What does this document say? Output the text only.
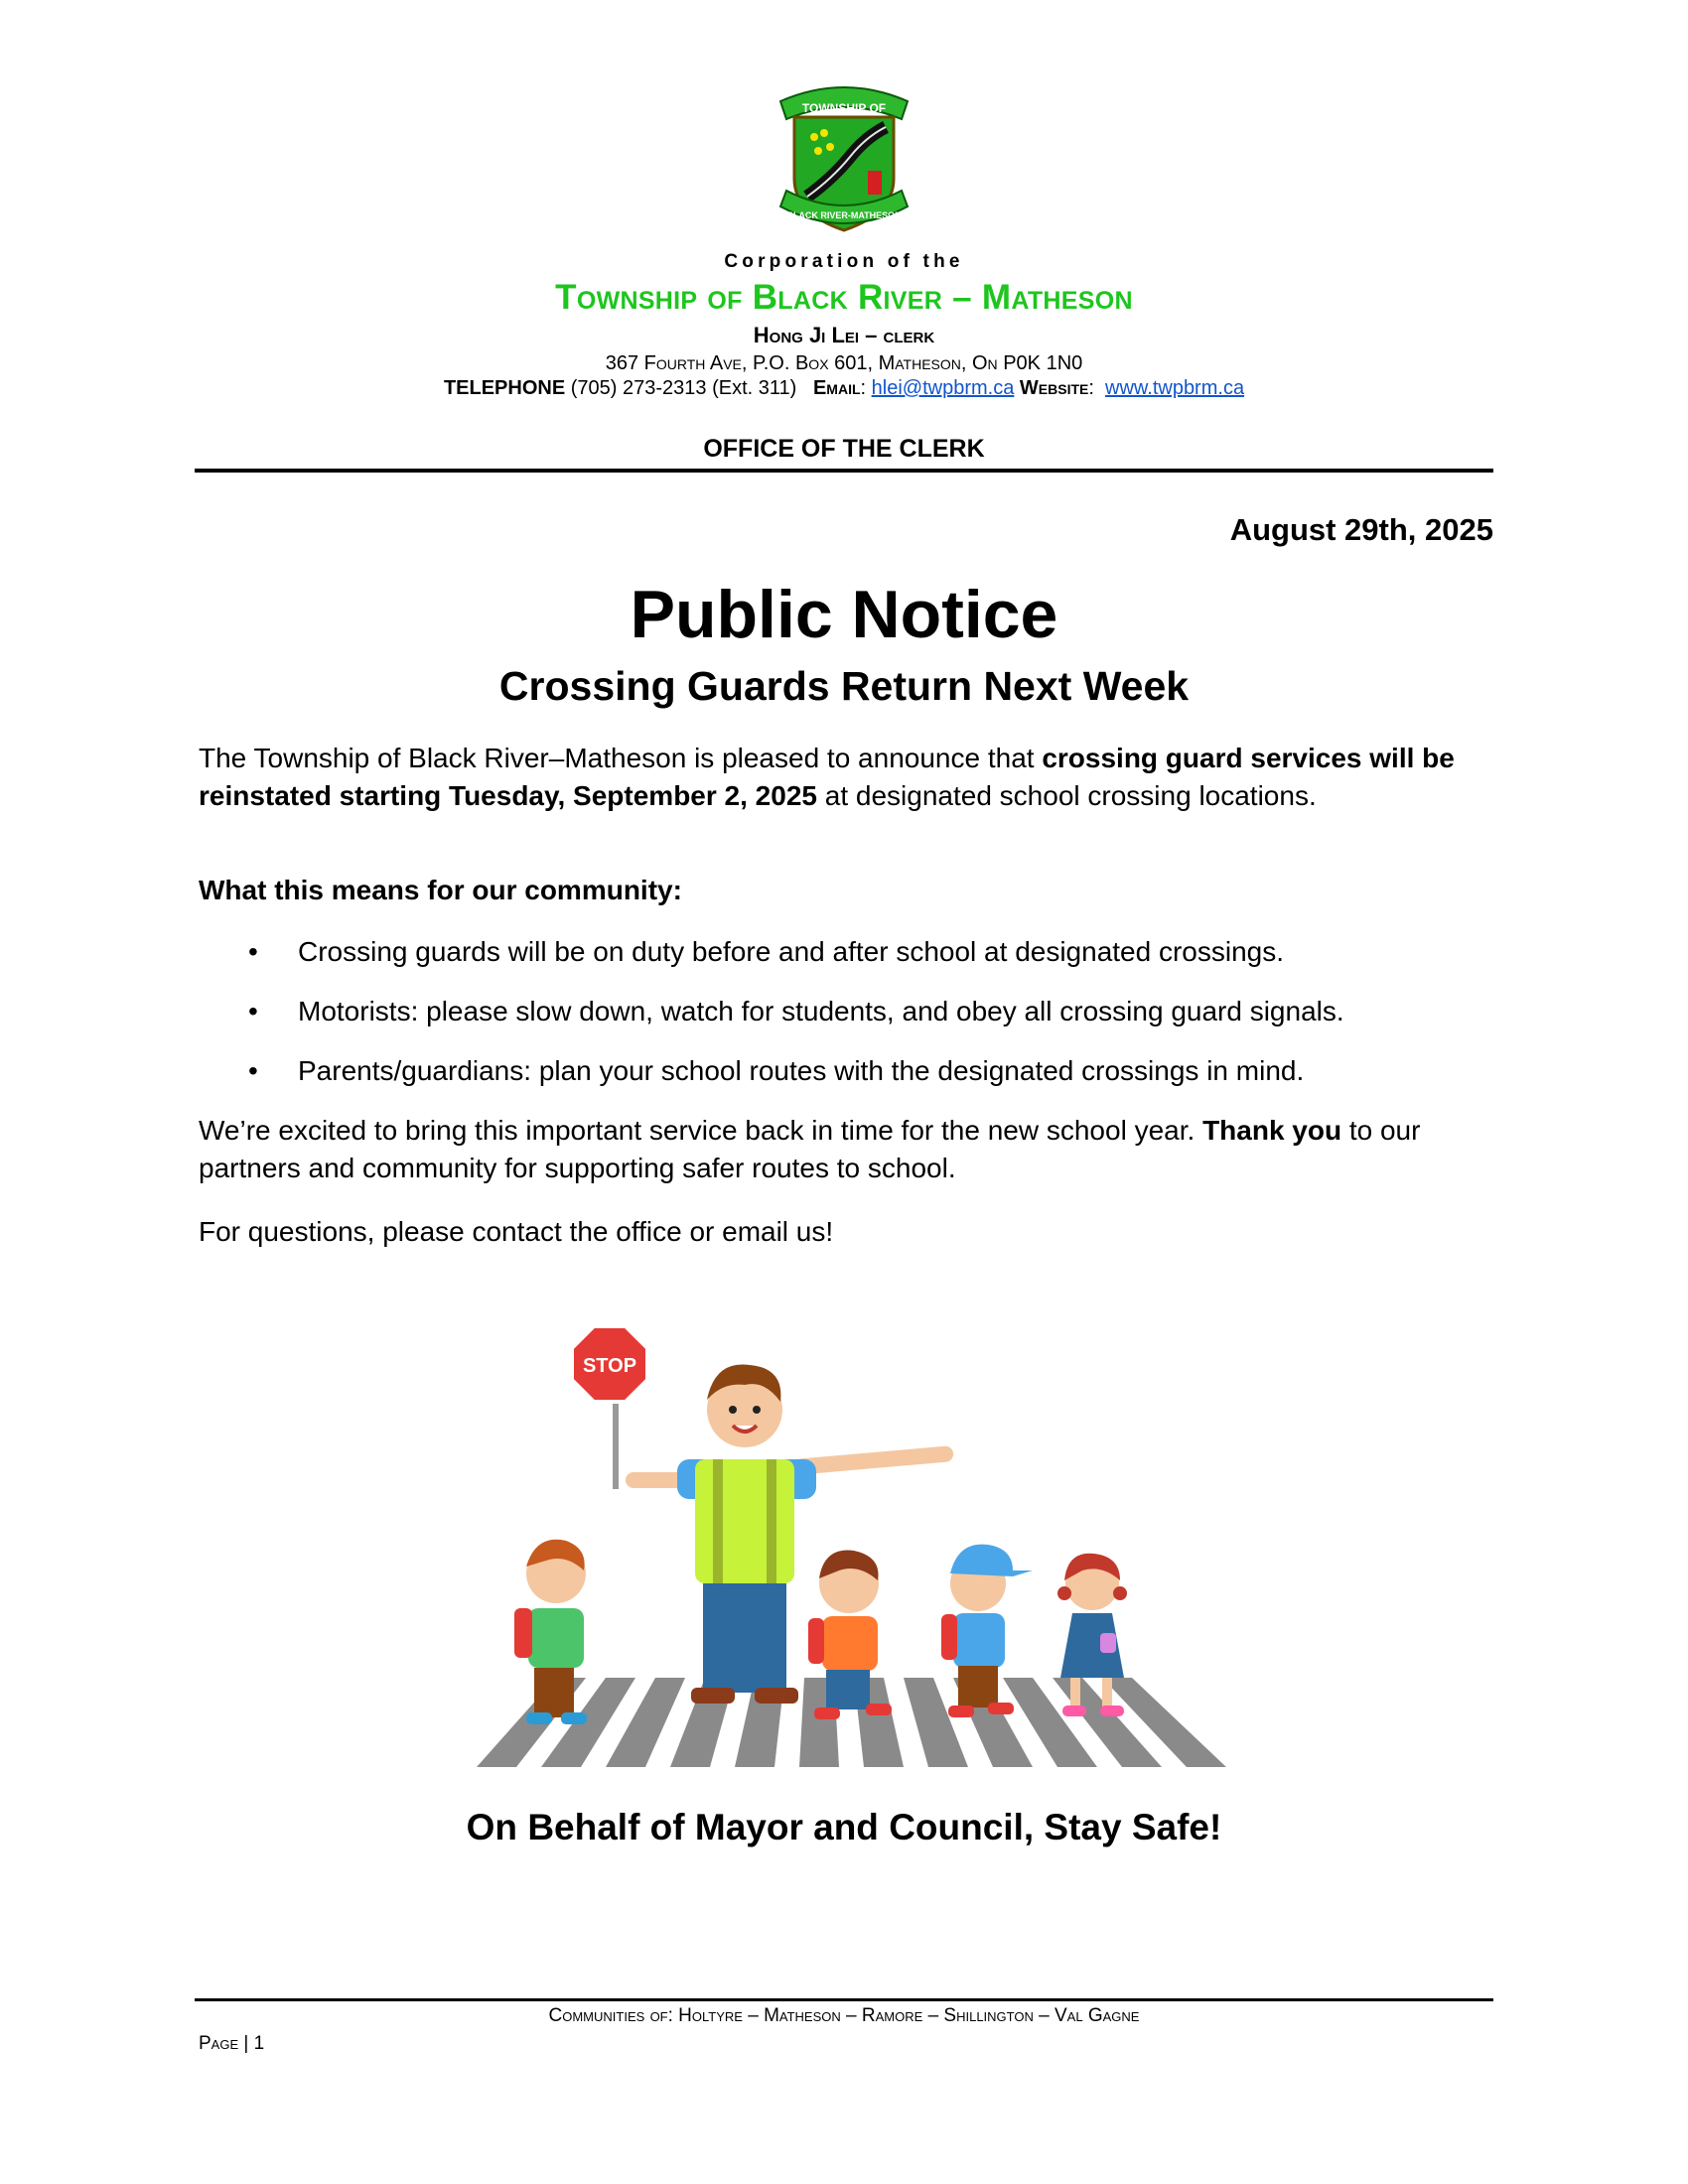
TOWNSHIP OF
BLACK RIVER-MATHESON
Corporation of the
Township of Black River – Matheson
Hong Ji Lei – clerk
367 Fourth Ave, P.O. Box 601, Matheson, On P0K 1N0
TELEPHONE (705) 273-2313 (Ext. 311) Email: hlei@twpbrm.ca Website:  www.twpbrm.ca
OFFICE OF THE CLERK
August 29th, 2025
Public Notice
Crossing Guards Return Next Week

The Township of Black River–Matheson is pleased to announce that crossing guard services will be reinstated starting Tuesday, September 2, 2025 at designated school crossing locations.

What this means for our community:

• Crossing guards will be on duty before and after school at designated crossings.
• Motorists: please slow down, watch for students, and obey all crossing guard signals.
• Parents/guardians: plan your school routes with the designated crossings in mind.

We’re excited to bring this important service back in time for the new school year. Thank you to our partners and community for supporting safer routes to school.

For questions, please contact the office or email us!

STOP
On Behalf of Mayor and Council, Stay Safe!
Communities of: Holtyre – Matheson – Ramore – Shillington – Val Gagne
Page | 1
